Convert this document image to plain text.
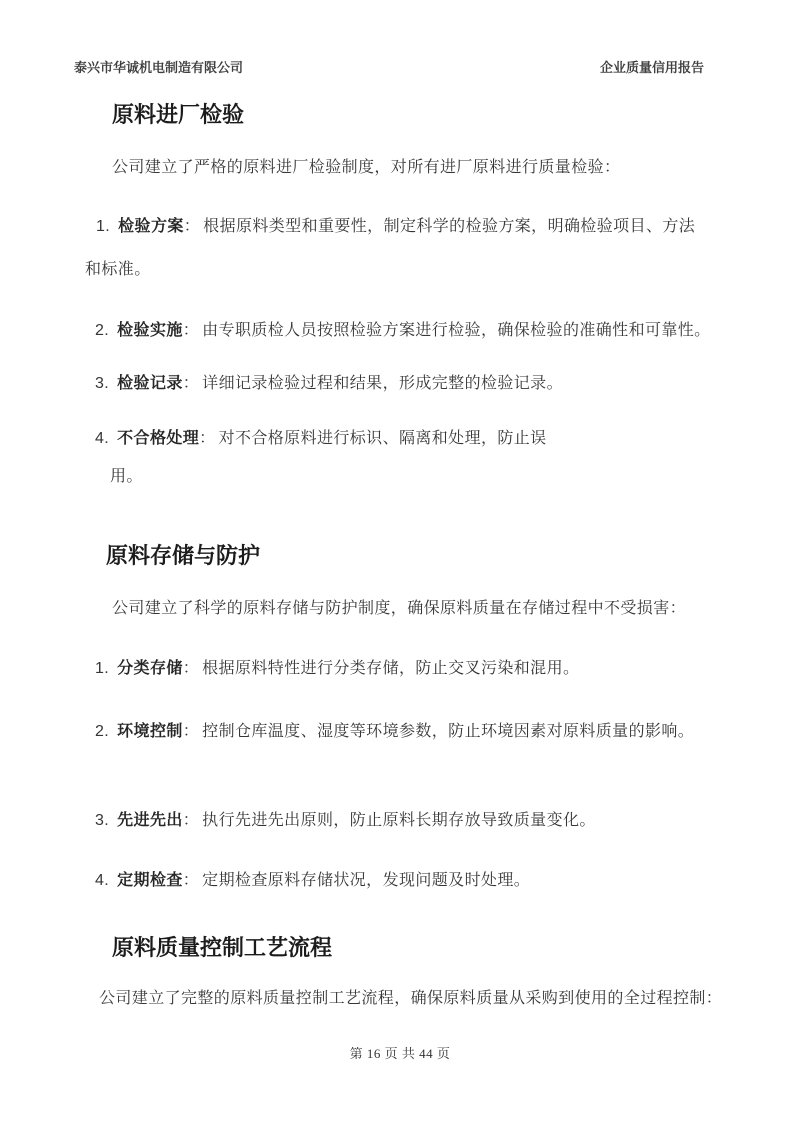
泰兴市华诚机电制造有限公司	企业质量信用报告
原料进厂检验
公司建立了严格的原料进厂检验制度，对所有进厂原料进行质量检验：
1. 检验方案： 根据原料类型和重要性，制定科学的检验方案，明确检验项目、方法
和标准。
2. 检验实施： 由专职质检人员按照检验方案进行检验，确保检验的准确性和可靠性。
3. 检验记录： 详细记录检验过程和结果，形成完整的检验记录。
4. 不合格处理： 对不合格原料进行标识、隔离和处理，防止误
用。
原料存储与防护
公司建立了科学的原料存储与防护制度，确保原料质量在存储过程中不受损害：
1. 分类存储： 根据原料特性进行分类存储，防止交叉污染和混用。
2. 环境控制： 控制仓库温度、湿度等环境参数，防止环境因素对原料质量的影响。
3. 先进先出： 执行先进先出原则，防止原料长期存放导致质量变化。
4. 定期检查： 定期检查原料存储状况，发现问题及时处理。
原料质量控制工艺流程
公司建立了完整的原料质量控制工艺流程，确保原料质量从采购到使用的全过程控制：
第 16 页 共 44 页
